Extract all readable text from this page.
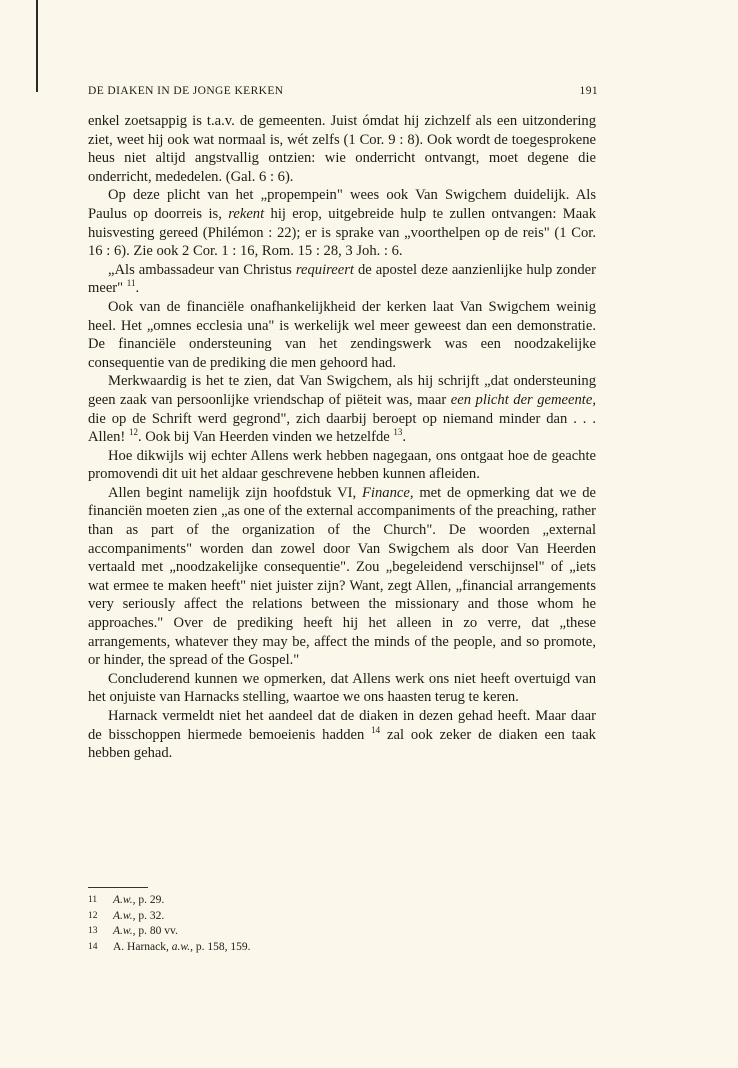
DE DIAKEN IN DE JONGE KERKEN	191

enkel zoetsappig is t.a.v. de gemeenten. Juist ómdat hij zichzelf als een uitzondering ziet, weet hij ook wat normaal is, wét zelfs (1 Cor. 9 : 8). Ook wordt de toegesprokene heus niet altijd angstvallig ontzien: wie onderricht ontvangt, moet degene die onderricht, mededelen. (Gal. 6 : 6).

Op deze plicht van het „propempein" wees ook Van Swigchem duidelijk. Als Paulus op doorreis is, rekent hij erop, uitgebreide hulp te zullen ontvangen: Maak huisvesting gereed (Philémon : 22); er is sprake van „voorthelpen op de reis" (1 Cor. 16 : 6). Zie ook 2 Cor. 1 : 16, Rom. 15 : 28, 3 Joh. : 6.

„Als ambassadeur van Christus requireert de apostel deze aanzienlijke hulp zonder meer" $^{11}$.

Ook van de financiële onafhankelijkheid der kerken laat Van Swigchem weinig heel. Het „omnes ecclesia una" is werkelijk wel meer geweest dan een demonstratie. De financiële ondersteuning van het zendingswerk was een noodzakelijke consequentie van de prediking die men gehoord had.

Merkwaardig is het te zien, dat Van Swigchem, als hij schrijft „dat ondersteuning geen zaak van persoonlijke vriendschap of piëteit was, maar een plicht der gemeente, die op de Schrift werd gegrond", zich daarbij beroept op niemand minder dan . . . Allen! $^{12}$. Ook bij Van Heerden vinden we hetzelfde $^{13}$.

Hoe dikwijls wij echter Allens werk hebben nagegaan, ons ontgaat hoe de geachte promovendi dit uit het aldaar geschrevene hebben kunnen afleiden.

Allen begint namelijk zijn hoofdstuk VI, Finance, met de opmerking dat we de financiën moeten zien „as one of the external accompaniments of the preaching, rather than as part of the organization of the Church". De woorden „external accompaniments" worden dan zowel door Van Swigchem als door Van Heerden vertaald met „noodzakelijke consequentie". Zou „begeleidend verschijnsel" of „iets wat ermee te maken heeft" niet juister zijn? Want, zegt Allen, „financial arrangements very seriously affect the relations between the missionary and those whom he approaches." Over de prediking heeft hij het alleen in zo verre, dat „these arrangements, whatever they may be, affect the minds of the people, and so promote, or hinder, the spread of the Gospel."

Concluderend kunnen we opmerken, dat Allens werk ons niet heeft overtuigd van het onjuiste van Harnacks stelling, waartoe we ons haasten terug te keren.

Harnack vermeldt niet het aandeel dat de diaken in dezen gehad heeft. Maar daar de bisschoppen hiermede bemoeienis hadden $^{14}$ zal ook zeker de diaken een taak hebben gehad.

11	A.w., p. 29.
12	A.w., p. 32.
13	A.w., p. 80 vv.
14	A. Harnack, a.w., p. 158, 159.
